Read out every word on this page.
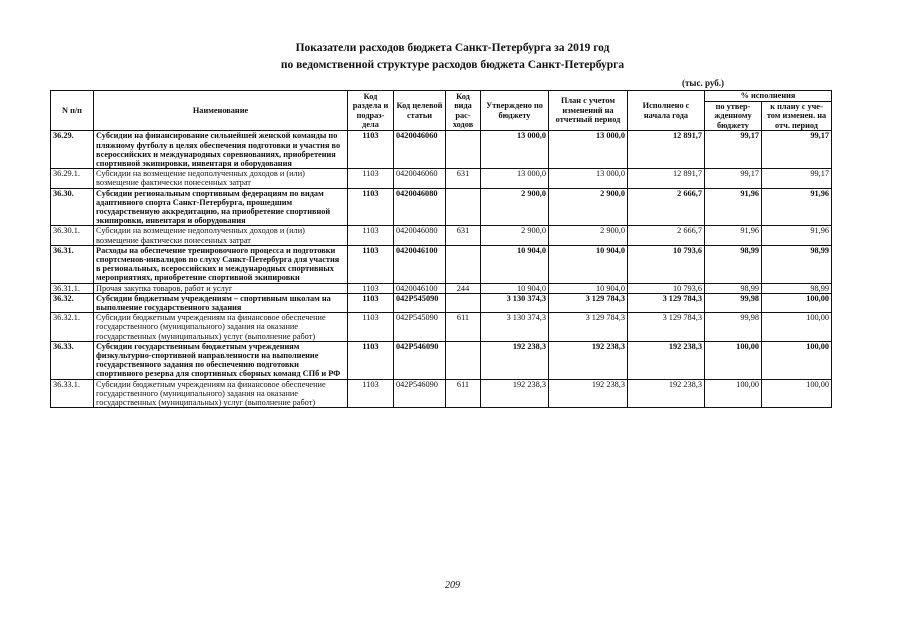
Показатели расходов бюджета Санкт-Петербурга за 2019 год
по ведомственной структуре расходов бюджета Санкт-Петербурга
(тыс. руб.)
N п/п	Наименование	Код раздела и подраз-дела	Код целевой статьи	Код вида рас-ходов	Утверждено по бюджету	План с учетом изменений на отчетный период	Исполнено с начала года	% исполнения	
								по утвер-жденному бюджету	к плану с уче-том изменен. на отч. период
36.29.	Субсидии на финансирование сильнейшей женской команды по пляжному футболу в целях обеспечения подготовки и участия во всероссийских и международных соревнованиях, приобретения спортивной экипировки, инвентаря и оборудования	1103	0420046060		13 000,0	13 000,0	12 891,7	99,17	99,17
36.29.1.	Субсидии на возмещение недополученных доходов и (или) возмещение фактически понесенных затрат	1103	0420046060	631	13 000,0	13 000,0	12 891,7	99,17	99,17
36.30.	Субсидии региональным спортивным федерациям по видам адаптивного спорта Санкт-Петербурга, прошедшим государственную аккредитацию, на приобретение спортивной экипировки, инвентаря и оборудования	1103	0420046080		2 900,0	2 900,0	2 666,7	91,96	91,96
36.30.1.	Субсидии на возмещение недополученных доходов и (или) возмещение фактически понесенных затрат	1103	0420046080	631	2 900,0	2 900,0	2 666,7	91,96	91,96
36.31.	Расходы на обеспечение тренировочного процесса и подготовки спортсменов-инвалидов по слуху Санкт-Петербурга для участия в региональных, всероссийских и международных спортивных мероприятиях, приобретение спортивной экипировки	1103	0420046100		10 904,0	10 904,0	10 793,6	98,99	98,99
36.31.1.	Прочая закупка товаров, работ и услуг	1103	0420046100	244	10 904,0	10 904,0	10 793,6	98,99	98,99
36.32.	Субсидии бюджетным учреждениям – спортивным школам на выполнение государственного задания	1103	042Р545090		3 130 374,3	3 129 784,3	3 129 784,3	99,98	100,00
36.32.1.	Субсидии бюджетным учреждениям на финансовое обеспечение государственного (муниципального) задания на оказание государственных (муниципальных) услуг (выполнение работ)	1103	042Р545090	611	3 130 374,3	3 129 784,3	3 129 784,3	99,98	100,00
36.33.	Субсидии государственным бюджетным учреждениям физкультурно-спортивной направленности на выполнение государственного задания по обеспечению подготовки спортивного резерва для спортивных сборных команд СПб и РФ	1103	042Р546090		192 238,3	192 238,3	192 238,3	100,00	100,00
36.33.1.	Субсидии бюджетным учреждениям на финансовое обеспечение государственного (муниципального) задания на оказание государственных (муниципальных) услуг (выполнение работ)	1103	042Р546090	611	192 238,3	192 238,3	192 238,3	100,00	100,00
209
